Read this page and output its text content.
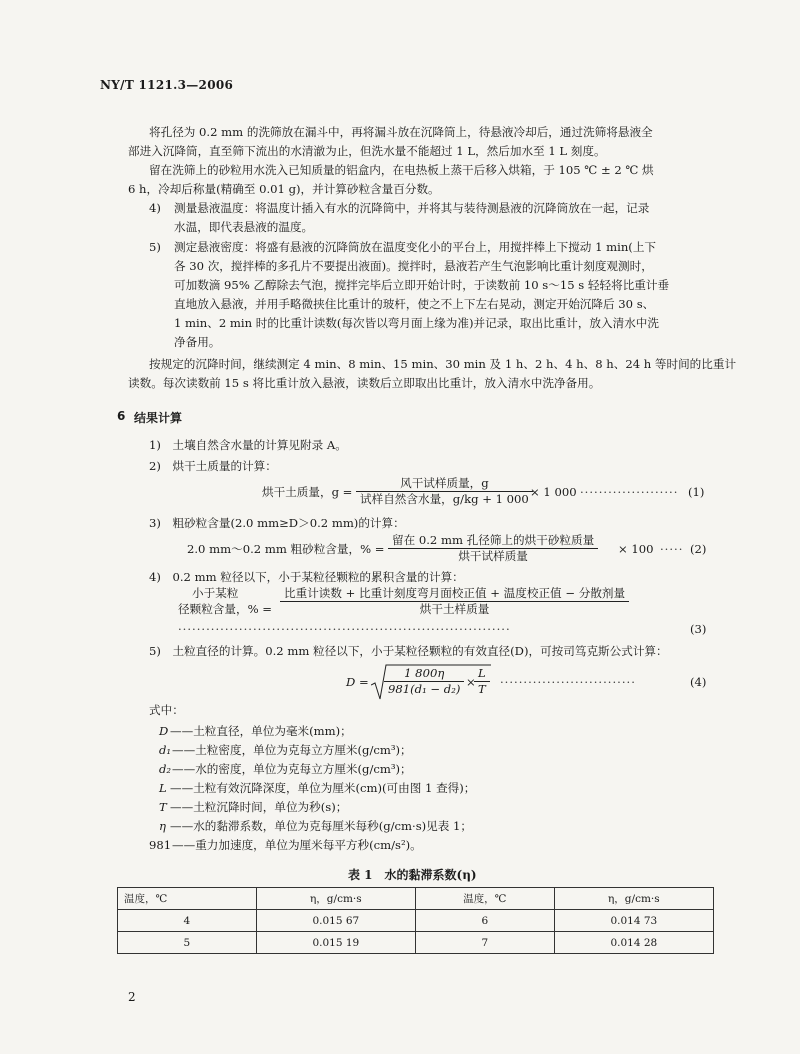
NY/T 1121.3—2006
将孔径为 0.2 mm 的洗筛放在漏斗中，再将漏斗放在沉降筒上，待悬液冷却后，通过洗筛将悬液全
部进入沉降筒，直至筛下流出的水清澈为止，但洗水量不能超过 1 L，然后加水至 1 L 刻度。
留在洗筛上的砂粒用水洗入已知质量的铝盒内，在电热板上蒸干后移入烘箱，于 105 ℃ ± 2 ℃ 烘
6 h，冷却后称量(精确至 0.01 g)，并计算砂粒含量百分数。
4) 测量悬液温度：将温度计插入有水的沉降筒中，并将其与装待测悬液的沉降筒放在一起，记录
水温，即代表悬液的温度。
5) 测定悬液密度：将盛有悬液的沉降筒放在温度变化小的平台上，用搅拌棒上下搅动 1 min(上下
各 30 次，搅拌棒的多孔片不要提出液面)。搅拌时，悬液若产生气泡影响比重计刻度观测时，
可加数滴 95% 乙醇除去气泡，搅拌完毕后立即开始计时，于读数前 10 s～15 s 轻轻将比重计垂
直地放入悬液，并用手略微挟住比重计的玻杆，使之不上下左右晃动，测定开始沉降后 30 s、
1 min、2 min 时的比重计读数(每次皆以弯月面上缘为准)并记录，取出比重计，放入清水中洗
净备用。
按规定的沉降时间，继续测定 4 min、8 min、15 min、30 min 及 1 h、2 h、4 h、8 h、24 h 等时间的比重计
读数。每次读数前 15 s 将比重计放入悬液，读数后立即取出比重计，放入清水中洗净备用。
6 结果计算
1)　土壤自然含水量的计算见附录 A。
2)　烘干土质量的计算：
烘干土质量，g =
风干试样质量，g
试样自然含水量，g/kg + 1 000 × 1 000 ····················· (1)
3)　粗砂粒含量(2.0 mm≥D＞0.2 mm)的计算：
2.0 mm～0.2 mm 粗砂粒含量，% =
留在 0.2 mm 孔径筛上的烘干砂粒质量
烘干试样质量	× 100 ····· (2)
4)　0.2 mm 粒径以下，小于某粒径颗粒的累积含量的计算：
小于某粒
径颗粒含量，% =
比重计读数 + 比重计刻度弯月面校正值 + 温度校正值 − 分散剂量
烘干土样质量
·······································································	(3)
5)　土粒直径的计算。0.2 mm 粒径以下，小于某粒径颗粒的有效直径(D)，可按司笃克斯公式计算：
$D = \frac{1 800\eta}{\text{981(d₁ − d₂)}}$ ×
$\frac{L}{T}$ ·····························	(4)
式中：
D ——土粒直径，单位为毫米(mm)；
d₁ ——土粒密度，单位为克每立方厘米(g/cm³)；
d₂ ——水的密度，单位为克每立方厘米(g/cm³)；
L ——土粒有效沉降深度，单位为厘米(cm)(可由图 1 查得)；
T ——土粒沉降时间，单位为秒(s)；
η ——水的黏滞系数，单位为克每厘米每秒(g/cm·s)见表 1；
981 ——重力加速度，单位为厘米每平方秒(cm/s²)。
表 1　水的黏滞系数(η)
温度，℃	η，g/cm·s	温度，℃	η，g/cm·s
4	0.015 67	6	0.014 73
5	0.015 19	7	0.014 28
2
